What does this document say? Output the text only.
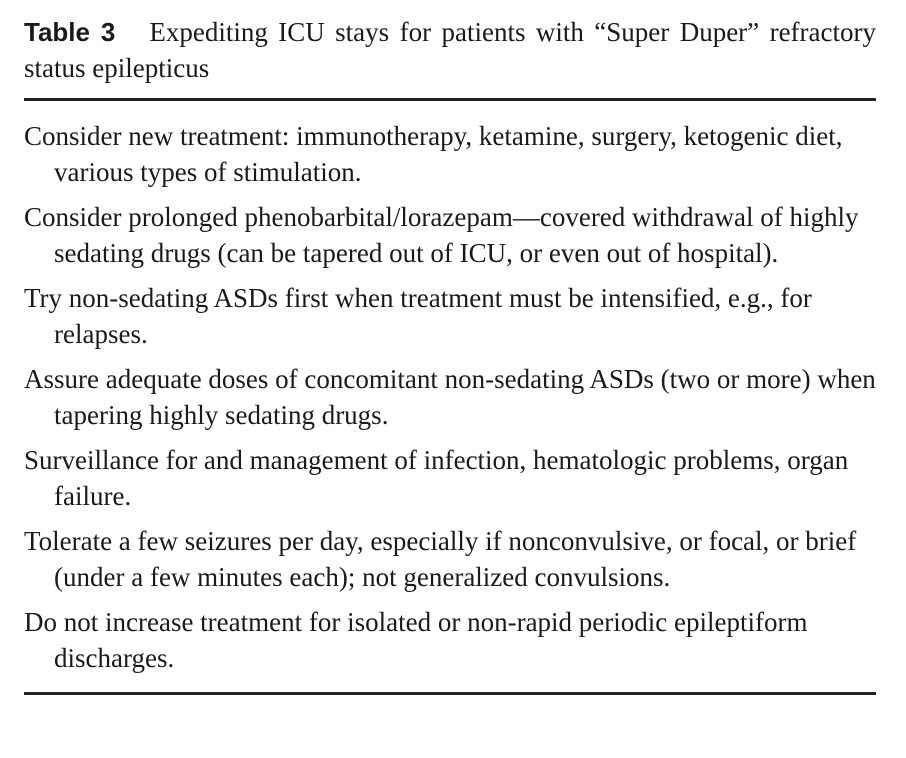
Table 3 Expediting ICU stays for patients with “Super Duper” refractory status epilepticus
Consider new treatment: immunotherapy, ketamine, surgery, ketogenic diet, various types of stimulation.
Consider prolonged phenobarbital/lorazepam—covered withdrawal of highly sedating drugs (can be tapered out of ICU, or even out of hospital).
Try non-sedating ASDs first when treatment must be intensified, e.g., for relapses.
Assure adequate doses of concomitant non-sedating ASDs (two or more) when tapering highly sedating drugs.
Surveillance for and management of infection, hematologic problems, organ failure.
Tolerate a few seizures per day, especially if nonconvulsive, or focal, or brief (under a few minutes each); not generalized convulsions.
Do not increase treatment for isolated or non-rapid periodic epileptiform discharges.
